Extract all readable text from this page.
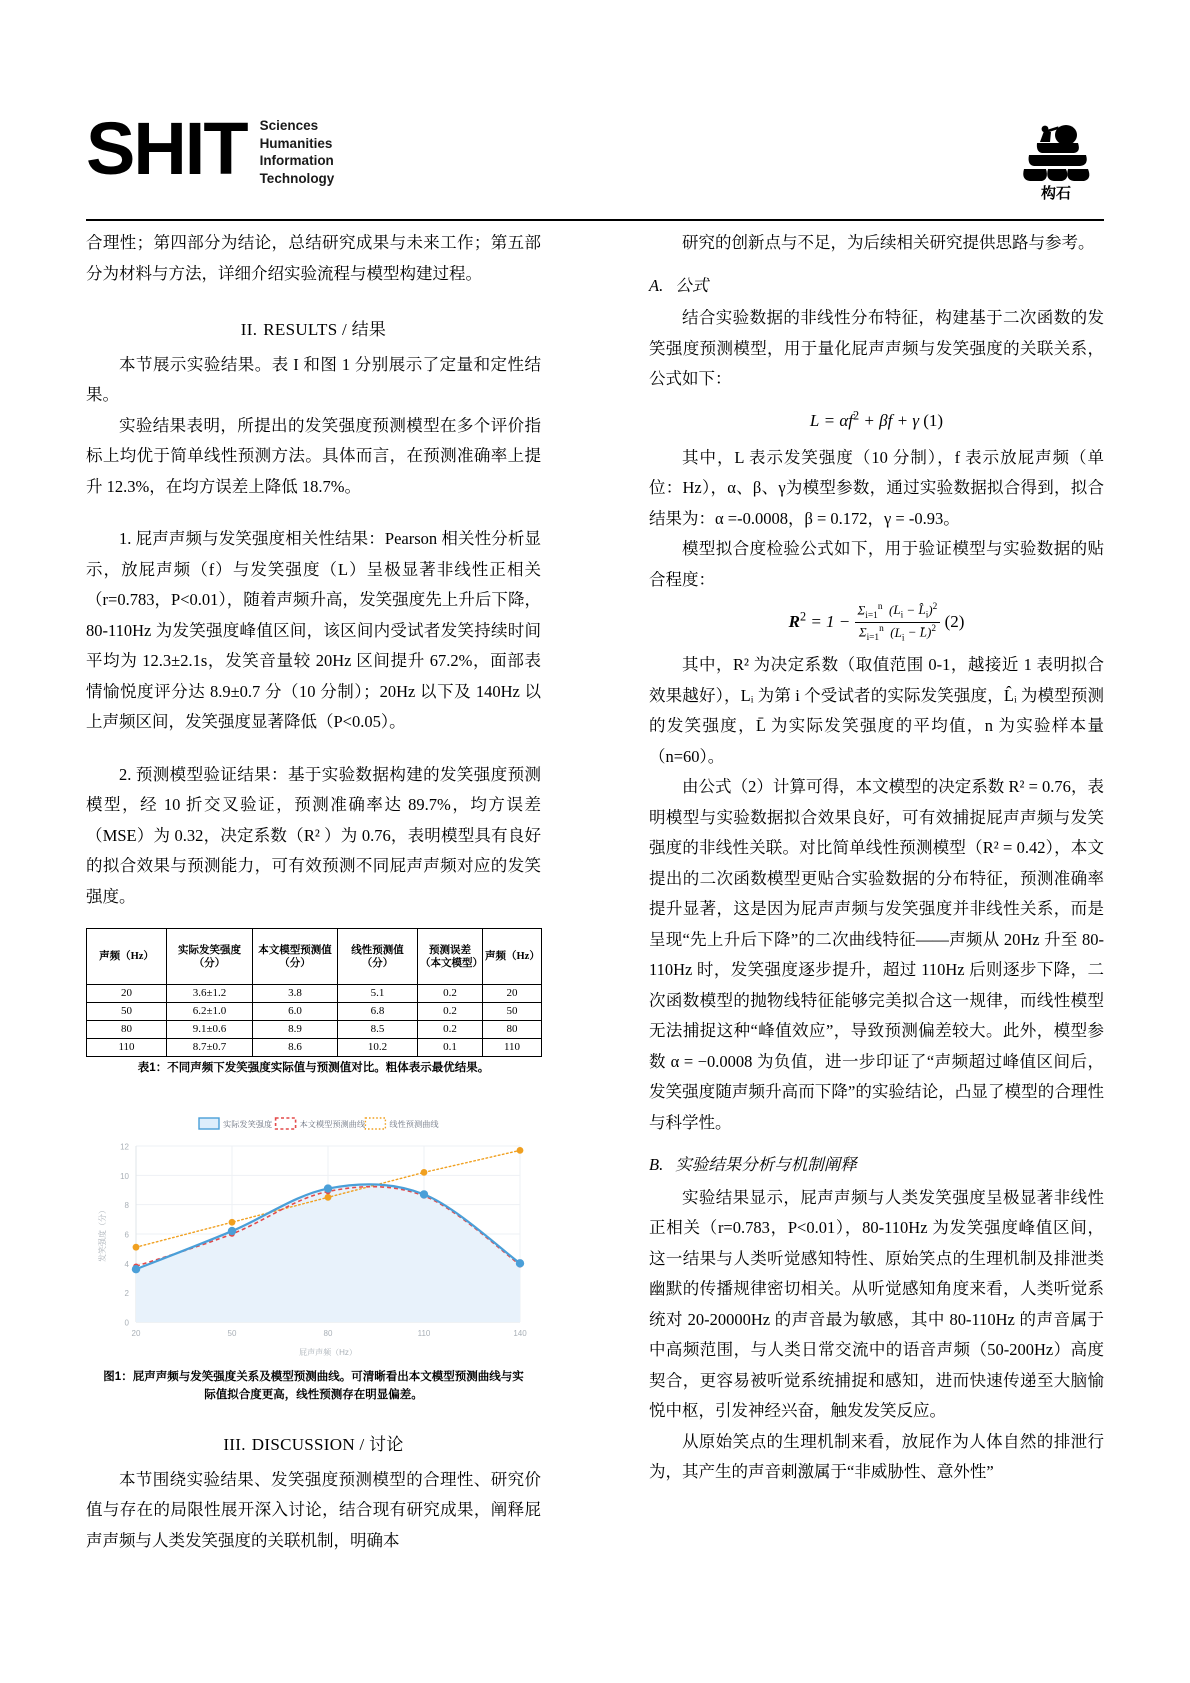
SHIT Sciences
Humanities
Information
Technology
构石

合理性；第四部分为结论，总结研究成果与未来工作；第五部分为材料与方法，详细介绍实验流程与模型构建过程。

II. RESULTS / 结果

本节展示实验结果。表 I 和图 1 分别展示了定量和定性结果。

实验结果表明，所提出的发笑强度预测模型在多个评价指标上均优于简单线性预测方法。具体而言，在预测准确率上提升 12.3%，在均方误差上降低 18.7%。

1. 屁声声频与发笑强度相关性结果：Pearson 相关性分析显示，放屁声频（f）与发笑强度（L）呈极显著非线性正相关（r=0.783，P<0.01），随着声频升高，发笑强度先上升后下降，80-110Hz 为发笑强度峰值区间，该区间内受试者发笑持续时间平均为 12.3±2.1s，发笑音量较 20Hz 区间提升 67.2%，面部表情愉悦度评分达 8.9±0.7 分（10 分制）；20Hz 以下及 140Hz 以上声频区间，发笑强度显著降低（P<0.05）。

2. 预测模型验证结果：基于实验数据构建的发笑强度预测模型，经 10 折交叉验证，预测准确率达 89.7%，均方误差（MSE）为 0.32，决定系数（R² ）为 0.76，表明模型具有良好的拟合效果与预测能力，可有效预测不同屁声声频对应的发笑强度。

声频（Hz）	实际发笑强度（分）	本文模型预测值（分）	线性预测值（分）	预测误差（本文模型）	声频（Hz）
20	3.6±1.2	3.8	5.1	0.2	20
50	6.2±1.0	6.0	6.8	0.2	50
80	9.1±0.6	8.9	8.5	0.2	80
110	8.7±0.7	8.6	10.2	0.1	110
表1：不同声频下发笑强度实际值与预测值对比。粗体表示最优结果。
0
2
4
6
8
10
12
20	50	80	110	140
实际发笑强度	本文模型预测曲线	线性预测曲线
屁声声频（Hz）
发笑强度（分）
图1：屁声声频与发笑强度关系及模型预测曲线。可清晰看出本文模型预测曲线与实
际值拟合度更高，线性预测存在明显偏差。
III. DISCUSSION / 讨论

本节围绕实验结果、发笑强度预测模型的合理性、研究价值与存在的局限性展开深入讨论，结合现有研究成果，阐释屁声声频与人类发笑强度的关联机制，明确本

研究的创新点与不足，为后续相关研究提供思路与参考。

A. 公式

结合实验数据的非线性分布特征，构建基于二次函数的发笑强度预测模型，用于量化屁声声频与发笑强度的关联关系，公式如下：

$L = \alpha f^2 + \beta f + \gamma$ (1)

其中，L 表示发笑强度（10 分制），f 表示放屁声频（单位：Hz），α、β、γ为模型参数，通过实验数据拟合得到，拟合结果为：α =-0.0008，β = 0.172，γ = -0.93。

模型拟合度检验公式如下，用于验证模型与实验数据的贴合程度：

$R^2 = 1 - \frac{\Sigma_{i=1}^n (L_i - L̂_i)^2}{\Sigma_{i=1}^n (L_i - L̄)^2} (2)$

其中，R² 为决定系数（取值范围 0-1，越接近 1 表明拟合效果越好），Lᵢ 为第 i 个受试者的实际发笑强度，L̂ᵢ 为模型预测的发笑强度，L̄ 为实际发笑强度的平均值，n 为实验样本量（n=60）。

由公式（2）计算可得，本文模型的决定系数 R² = 0.76，表明模型与实验数据拟合效果良好，可有效捕捉屁声声频与发笑强度的非线性关联。对比简单线性预测模型（R² = 0.42），本文提出的二次函数模型更贴合实验数据的分布特征，预测准确率提升显著，这是因为屁声声频与发笑强度并非线性关系，而是呈现“先上升后下降”的二次曲线特征——声频从 20Hz 升至 80-110Hz 时，发笑强度逐步提升，超过 110Hz 后则逐步下降，二次函数模型的抛物线特征能够完美拟合这一规律，而线性模型无法捕捉这种“峰值效应”，导致预测偏差较大。此外，模型参数 α = −0.0008 为负值，进一步印证了“声频超过峰值区间后，发笑强度随声频升高而下降”的实验结论，凸显了模型的合理性与科学性。

B. 实验结果分析与机制阐释

实验结果显示，屁声声频与人类发笑强度呈极显著非线性正相关（r=0.783，P<0.01），80-110Hz 为发笑强度峰值区间，这一结果与人类听觉感知特性、原始笑点的生理机制及排泄类幽默的传播规律密切相关。从听觉感知角度来看，人类听觉系统对 20-20000Hz 的声音最为敏感，其中 80-110Hz 的声音属于中高频范围，与人类日常交流中的语音声频（50-200Hz）高度契合，更容易被听觉系统捕捉和感知，进而快速传递至大脑愉悦中枢，引发神经兴奋，触发发笑反应。

从原始笑点的生理机制来看，放屁作为人体自然的排泄行为，其产生的声音刺激属于“非威胁性、意外性”
